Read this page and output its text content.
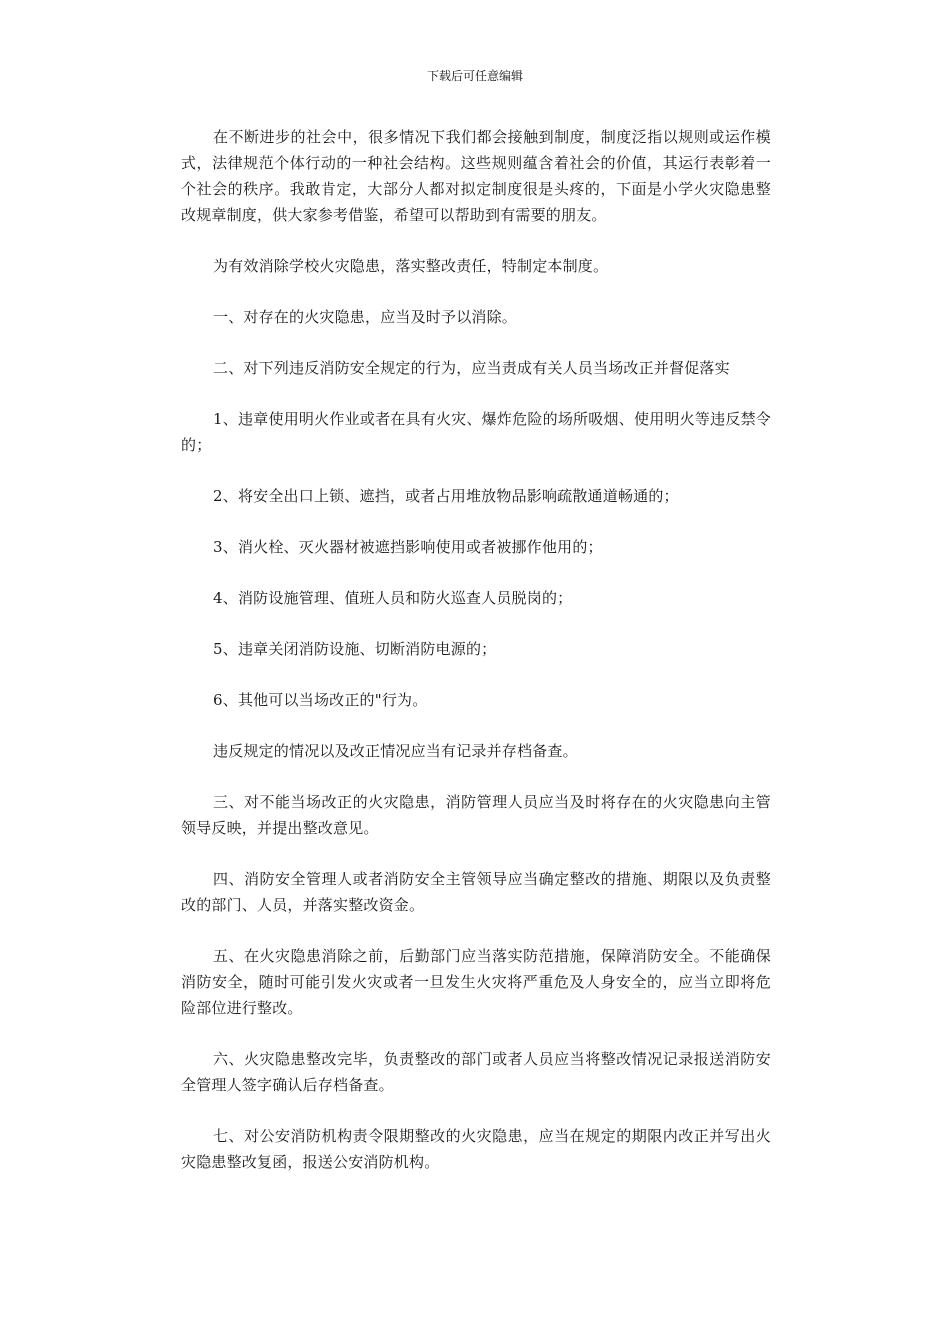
下载后可任意编辑

在不断进步的社会中，很多情况下我们都会接触到制度，制度泛指以规则或运作模式，法律规范个体行动的一种社会结构。这些规则蕴含着社会的价值，其运行表彰着一个社会的秩序。我敢肯定，大部分人都对拟定制度很是头疼的，下面是小学火灾隐患整改规章制度，供大家参考借鉴，希望可以帮助到有需要的朋友。

为有效消除学校火灾隐患，落实整改责任，特制定本制度。

一、对存在的火灾隐患，应当及时予以消除。

二、对下列违反消防安全规定的行为，应当责成有关人员当场改正并督促落实

1、违章使用明火作业或者在具有火灾、爆炸危险的场所吸烟、使用明火等违反禁令的；

2、将安全出口上锁、遮挡，或者占用堆放物品影响疏散通道畅通的；

3、消火栓、灭火器材被遮挡影响使用或者被挪作他用的；

4、消防设施管理、值班人员和防火巡查人员脱岗的；

5、违章关闭消防设施、切断消防电源的；

6、其他可以当场改正的"行为。

违反规定的情况以及改正情况应当有记录并存档备查。

三、对不能当场改正的火灾隐患，消防管理人员应当及时将存在的火灾隐患向主管领导反映，并提出整改意见。

四、消防安全管理人或者消防安全主管领导应当确定整改的措施、期限以及负责整改的部门、人员，并落实整改资金。

五、在火灾隐患消除之前，后勤部门应当落实防范措施，保障消防安全。不能确保消防安全，随时可能引发火灾或者一旦发生火灾将严重危及人身安全的，应当立即将危险部位进行整改。

六、火灾隐患整改完毕，负责整改的部门或者人员应当将整改情况记录报送消防安全管理人签字确认后存档备查。

七、对公安消防机构责令限期整改的火灾隐患，应当在规定的期限内改正并写出火灾隐患整改复函，报送公安消防机构。
